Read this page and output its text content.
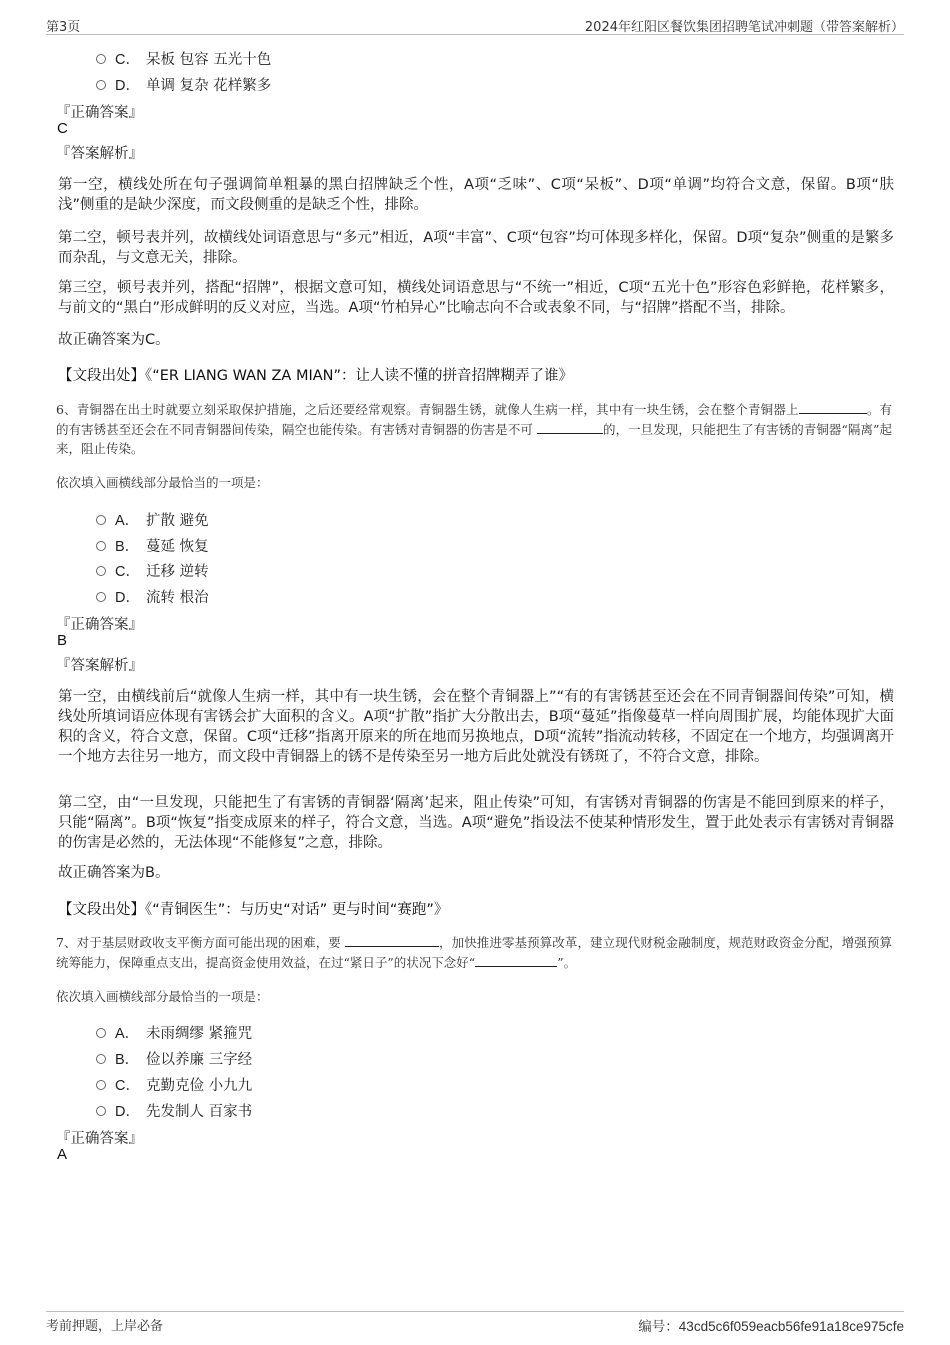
第3页	2024年红阳区餐饮集团招聘笔试冲刺题（带答案解析）
C． 呆板 包容 五光十色
D． 单调 复杂 花样繁多
『正确答案』
C
『答案解析』
第一空，横线处所在句子强调简单粗暴的黑白招牌缺乏个性，A项“乏味”、C项“呆板”、D项“单调”均符合文意，保留。B项“肤浅”侧重的是缺少深度，而文段侧重的是缺乏个性，排除。
第二空，顿号表并列，故横线处词语意思与“多元”相近，A项“丰富”、C项“包容”均可体现多样化，保留。D项“复杂”侧重的是繁多而杂乱，与文意无关，排除。
第三空，顿号表并列，搭配“招牌”，根据文意可知，横线处词语意思与“不统一”相近，C项“五光十色”形容色彩鲜艳，花样繁多，与前文的“黑白”形成鲜明的反义对应，当选。A项“竹柏异心”比喻志向不合或表象不同，与“招牌”搭配不当，排除。
故正确答案为C。
【文段出处】《“ER LIANG WAN ZA MIAN”：让人读不懂的拼音招牌糊弄了谁》
6、青铜器在出土时就要立刻采取保护措施，之后还要经常观察。青铜器生锈，就像人生病一样，其中有一块生锈，会在整个青铜器上	。有的有害锈甚至还会在不同青铜器间传染，隔空也能传染。有害锈对青铜器的伤害是不可	的，一旦发现，只能把生了有害锈的青铜器“隔离”起来，阻止传染。
依次填入画横线部分最恰当的一项是：
A． 扩散 避免
B． 蔓延 恢复
C． 迁移 逆转
D． 流转 根治
『正确答案』
B
『答案解析』
第一空，由横线前后“就像人生病一样，其中有一块生锈，会在整个青铜器上”“有的有害锈甚至还会在不同青铜器间传染”可知，横线处所填词语应体现有害锈会扩大面积的含义。A项“扩散”指扩大分散出去，B项“蔓延”指像蔓草一样向周围扩展，均能体现扩大面积的含义，符合文意，保留。C项“迁移”指离开原来的所在地而另换地点，D项“流转”指流动转移，不固定在一个地方，均强调离开一个地方去往另一地方，而文段中青铜器上的锈不是传染至另一地方后此处就没有锈斑了，不符合文意，排除。
第二空，由“一旦发现，只能把生了有害锈的青铜器‘隔离’起来，阻止传染”可知，有害锈对青铜器的伤害是不能回到原来的样子，只能“隔离”。B项“恢复”指变成原来的样子，符合文意，当选。A项“避免”指设法不使某种情形发生，置于此处表示有害锈对青铜器的伤害是必然的，无法体现“不能修复”之意，排除。
故正确答案为B。
【文段出处】《“青铜医生”：与历史“对话” 更与时间“赛跑”》
7、对于基层财政收支平衡方面可能出现的困难，要	，加快推进零基预算改革，建立现代财税金融制度，规范财政资金分配，增强预算统筹能力，保障重点支出，提高资金使用效益，在过“紧日子”的状况下念好“	”。
依次填入画横线部分最恰当的一项是：
A． 未雨绸缪 紧箍咒
B． 俭以养廉 三字经
C． 克勤克俭 小九九
D． 先发制人 百家书
『正确答案』
A
考前押题，上岸必备	编号：43cd5c6f059eacb56fe91a18ce975cfe
